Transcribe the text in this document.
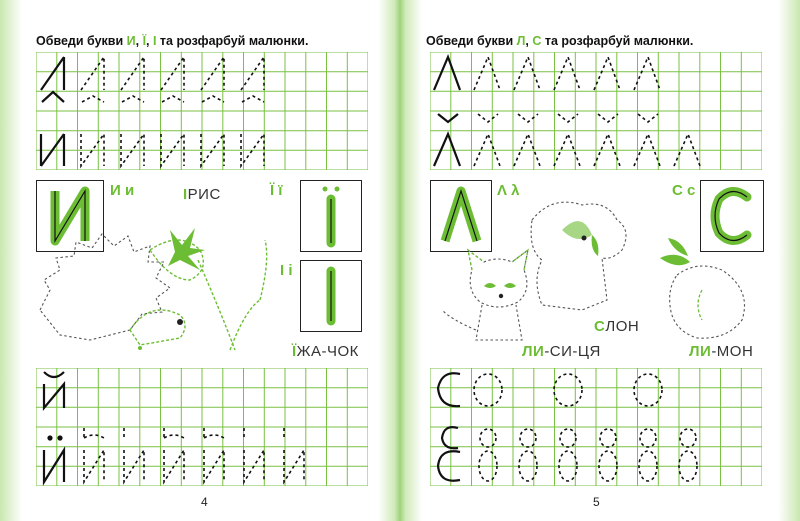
Обведи букви И, Ї, І та розфарбуй малюнки.
И и	ІРИС	Ї ї
І і
ЇЖА-ЧОК
4
Обведи букви Л, С та розфарбуй малюнки.
Λ λ	С с
СЛОН
ЛИ-СИ-ЦЯ	ЛИ-МОН
5
